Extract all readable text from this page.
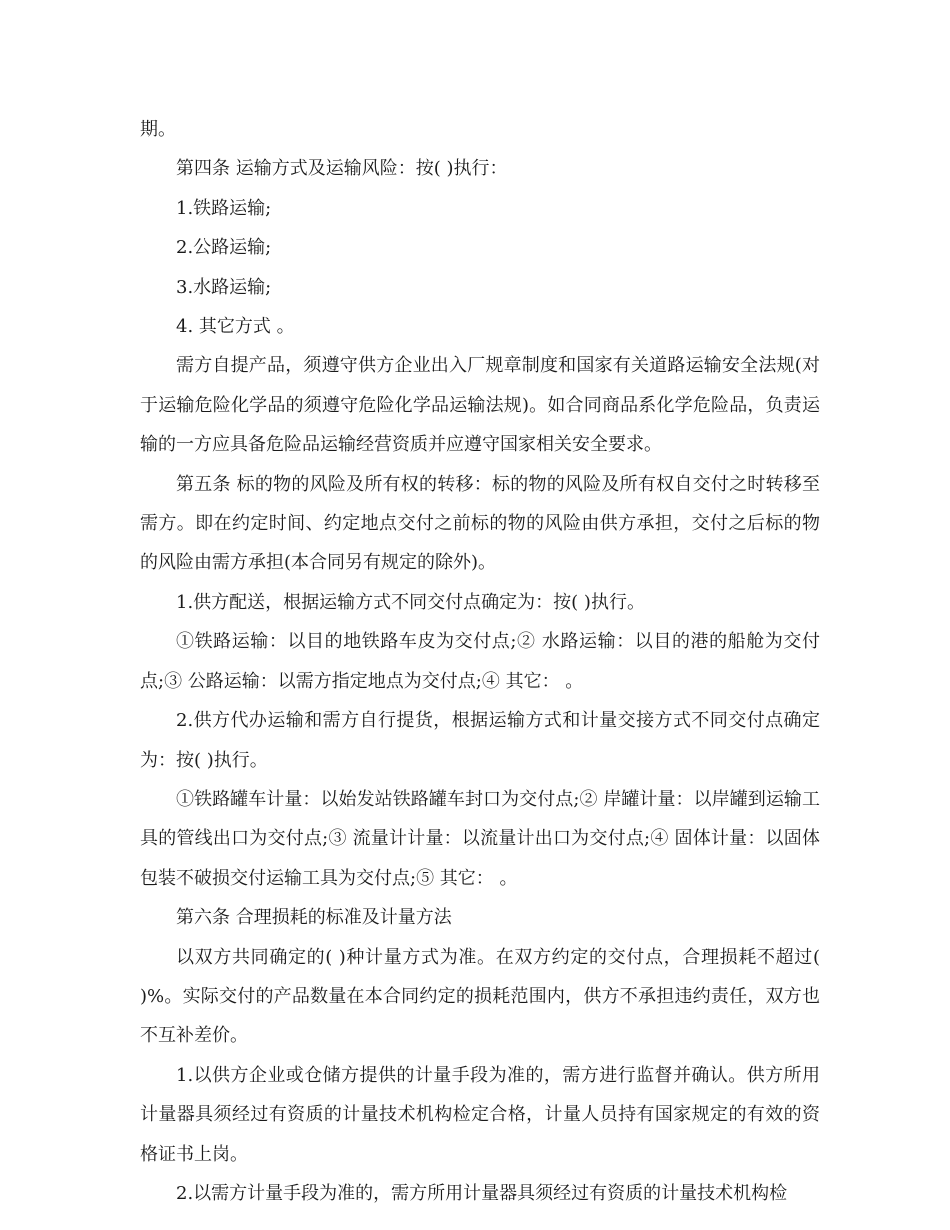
期。

第四条 运输方式及运输风险：按( )执行：

1.铁路运输;

2.公路运输;

3.水路运输;

4. 其它方式 。

需方自提产品，须遵守供方企业出入厂规章制度和国家有关道路运输安全法规(对于运输危险化学品的须遵守危险化学品运输法规)。如合同商品系化学危险品，负责运输的一方应具备危险品运输经营资质并应遵守国家相关安全要求。

第五条 标的物的风险及所有权的转移：标的物的风险及所有权自交付之时转移至需方。即在约定时间、约定地点交付之前标的物的风险由供方承担，交付之后标的物的风险由需方承担(本合同另有规定的除外)。

1.供方配送，根据运输方式不同交付点确定为：按( )执行。

①铁路运输：以目的地铁路车皮为交付点;② 水路运输：以目的港的船舱为交付点;③ 公路运输：以需方指定地点为交付点;④ 其它： 。

2.供方代办运输和需方自行提货，根据运输方式和计量交接方式不同交付点确定为：按( )执行。

①铁路罐车计量：以始发站铁路罐车封口为交付点;② 岸罐计量：以岸罐到运输工具的管线出口为交付点;③ 流量计计量：以流量计出口为交付点;④ 固体计量：以固体包装不破损交付运输工具为交付点;⑤ 其它： 。

第六条 合理损耗的标准及计量方法

以双方共同确定的( )种计量方式为准。在双方约定的交付点，合理损耗不超过( )%。实际交付的产品数量在本合同约定的损耗范围内，供方不承担违约责任，双方也不互补差价。

1.以供方企业或仓储方提供的计量手段为准的，需方进行监督并确认。供方所用计量器具须经过有资质的计量技术机构检定合格，计量人员持有国家规定的有效的资格证书上岗。

2.以需方计量手段为准的，需方所用计量器具须经过有资质的计量技术机构检
